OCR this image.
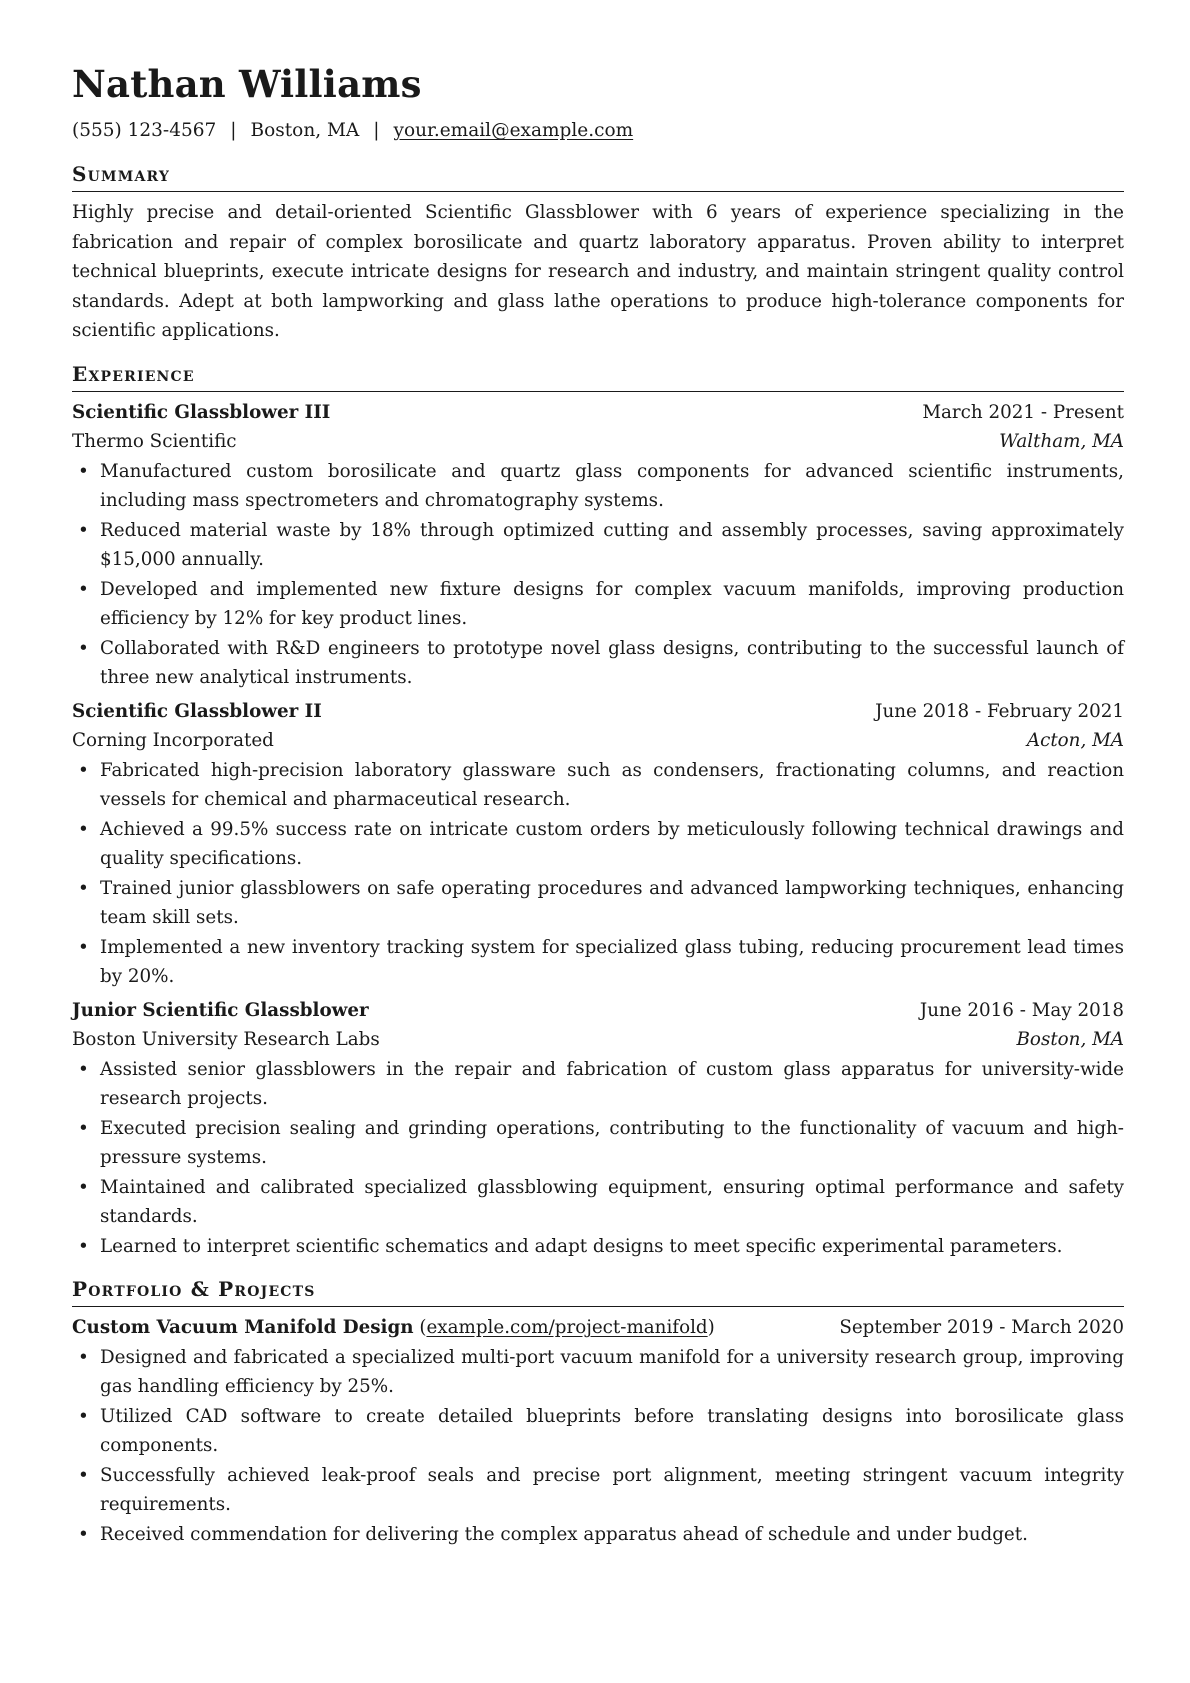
Nathan Williams
(555) 123-4567 | Boston, MA | your.email@example.com
Summary

Highly precise and detail-oriented Scientific Glassblower with 6 years of experience specializing in the fabrication and repair of complex borosilicate and quartz laboratory apparatus. Proven ability to interpret technical blueprints, execute intricate designs for research and industry, and maintain stringent quality control standards. Adept at both lampworking and glass lathe operations to produce high-tolerance components for scientific applications.

Experience
Scientific Glassblower III	March 2021 - Present
Thermo Scientific	Waltham, MA
• Manufactured custom borosilicate and quartz glass components for advanced scientific instruments, including mass spectrometers and chromatography systems.
• Reduced material waste by 18% through optimized cutting and assembly processes, saving approximately $15,000 annually.
• Developed and implemented new fixture designs for complex vacuum manifolds, improving production efficiency by 12% for key product lines.
• Collaborated with R&D engineers to prototype novel glass designs, contributing to the successful launch of three new analytical instruments.
Scientific Glassblower II	June 2018 - February 2021
Corning Incorporated	Acton, MA
• Fabricated high-precision laboratory glassware such as condensers, fractionating columns, and reaction vessels for chemical and pharmaceutical research.
• Achieved a 99.5% success rate on intricate custom orders by meticulously following technical drawings and quality specifications.
• Trained junior glassblowers on safe operating procedures and advanced lampworking techniques, enhancing team skill sets.
• Implemented a new inventory tracking system for specialized glass tubing, reducing procurement lead times by 20%.
Junior Scientific Glassblower	June 2016 - May 2018
Boston University Research Labs	Boston, MA
• Assisted senior glassblowers in the repair and fabrication of custom glass apparatus for university-wide research projects.
• Executed precision sealing and grinding operations, contributing to the functionality of vacuum and high-pressure systems.
• Maintained and calibrated specialized glassblowing equipment, ensuring optimal performance and safety standards.
• Learned to interpret scientific schematics and adapt designs to meet specific experimental parameters.
Portfolio & Projects
Custom Vacuum Manifold Design (example.com/project-manifold)	September 2019 - March 2020
• Designed and fabricated a specialized multi-port vacuum manifold for a university research group, improving gas handling efficiency by 25%.
• Utilized CAD software to create detailed blueprints before translating designs into borosilicate glass components.
• Successfully achieved leak-proof seals and precise port alignment, meeting stringent vacuum integrity requirements.
• Received commendation for delivering the complex apparatus ahead of schedule and under budget.
